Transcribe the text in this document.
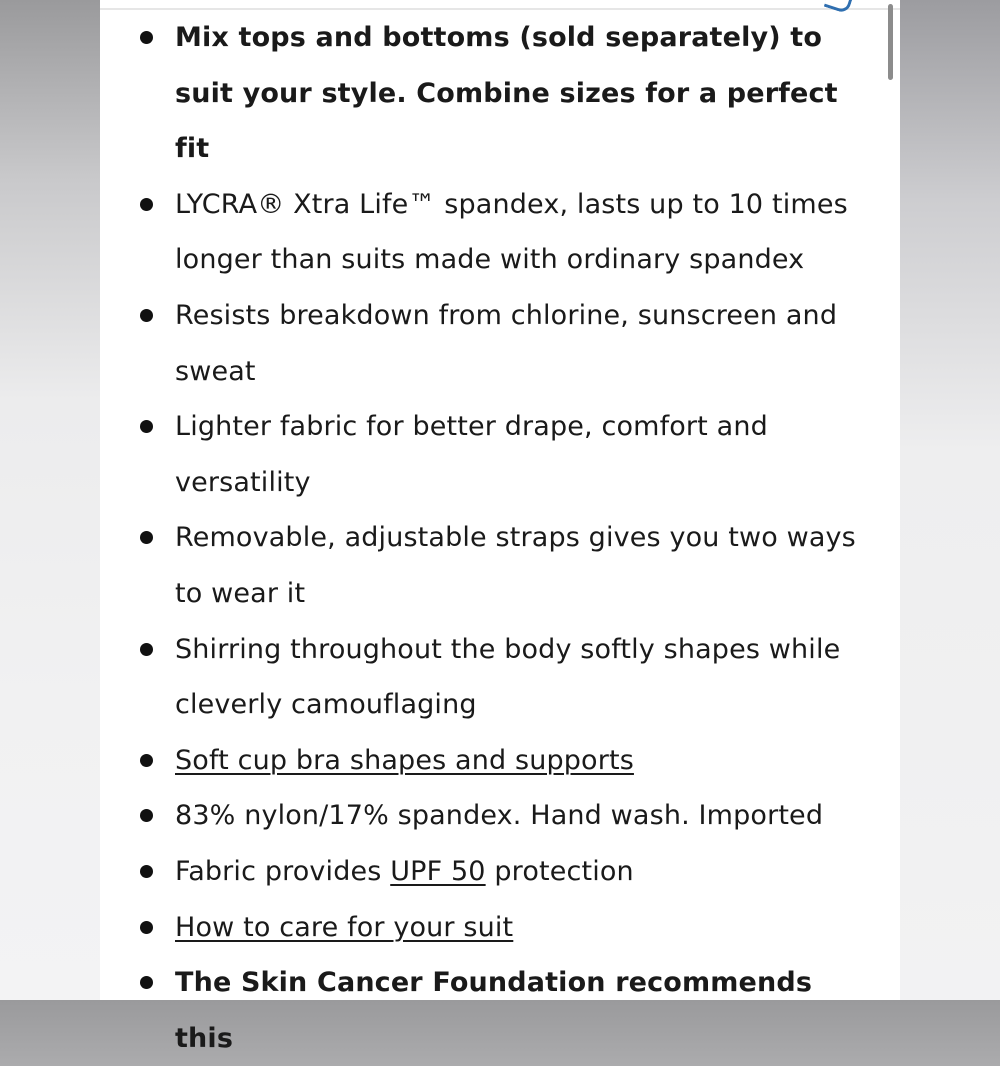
Mix tops and bottoms (sold separately) to suit your style. Combine sizes for a perfect fit
LYCRA® Xtra Life™ spandex, lasts up to 10 times longer than suits made with ordinary spandex
Resists breakdown from chlorine, sunscreen and sweat
Lighter fabric for better drape, comfort and versatility
Removable, adjustable straps gives you two ways to wear it
Shirring throughout the body softly shapes while cleverly camouflaging
Soft cup bra shapes and supports
83% nylon/17% spandex. Hand wash. Imported
Fabric provides UPF 50 protection
How to care for your suit
The Skin Cancer Foundation recommends this
